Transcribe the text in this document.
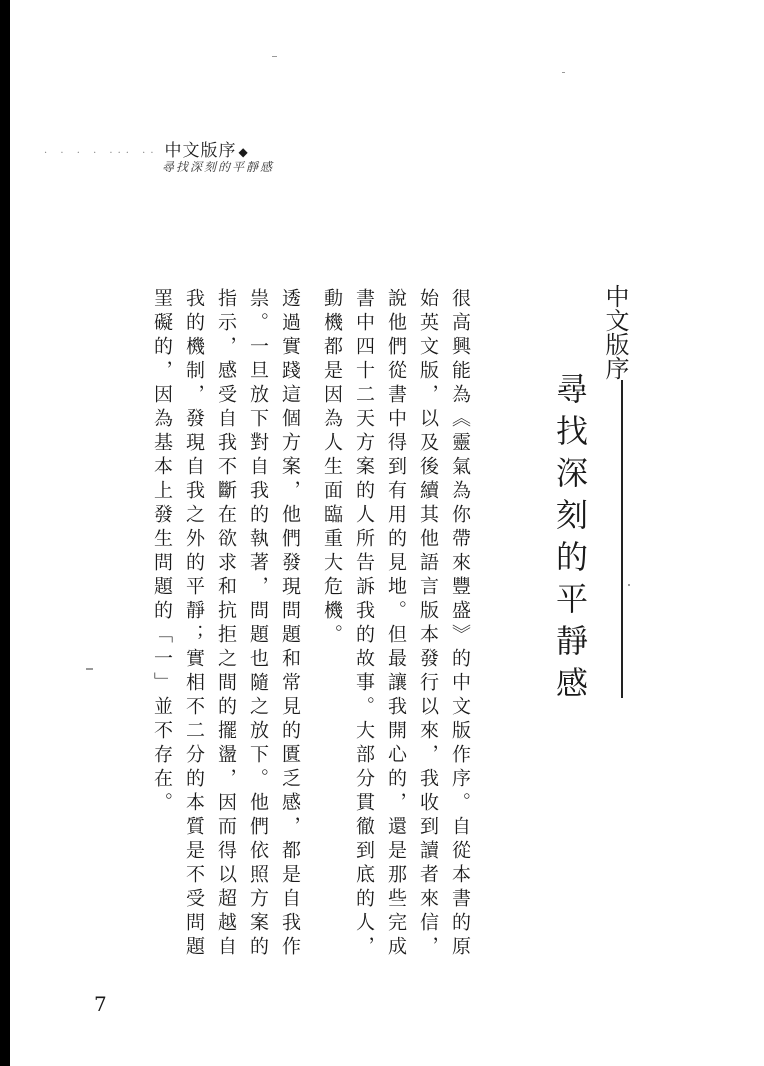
· · · · ··· ·· 中文版序 ◆
尋找深刻的平靜感
中文版序
尋找深刻的平靜感

很高興能為《靈氣為你帶來豐盛》的中文版作序。自從本書的原始英文版，以及後續其他語言版本發行以來，我收到讀者來信，說他們從書中得到有用的見地。但最讓我開心的，還是那些完成書中四十二天方案的人所告訴我的故事。大部分貫徹到底的人，動機都是因為人生面臨重大危機。

透過實踐這個方案，他們發現問題和常見的匱乏感，都是自我作祟。一旦放下對自我的執著，問題也隨之放下。他們依照方案的指示，感受自我不斷在欲求和抗拒之間的擺盪，因而得以超越自我的機制，發現自我之外的平靜；實相不二分的本質是不受問題罣礙的，因為基本上發生問題的「一」並不存在。

7
